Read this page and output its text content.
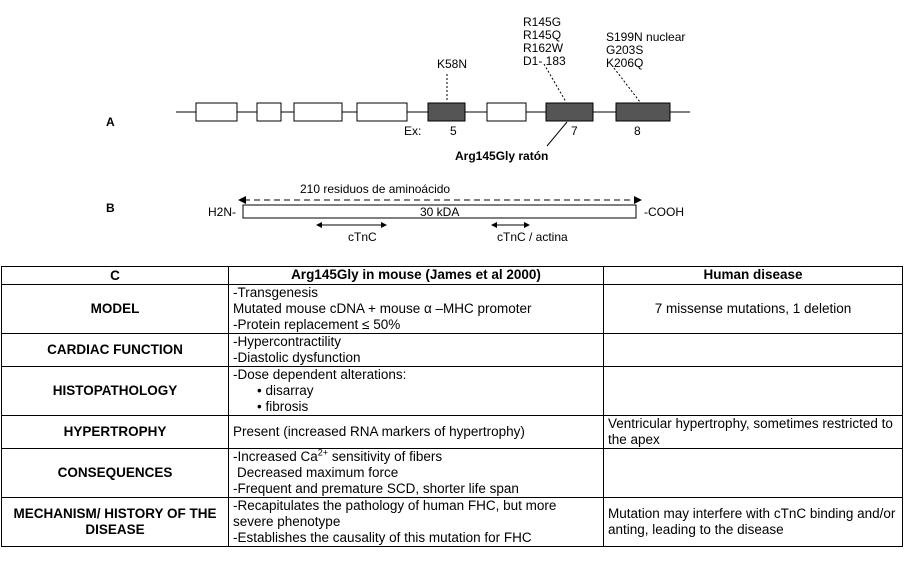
A
K58N
R145G
R145Q
R162W
D1- 183
S199N nuclear
G203S
K206Q
Ex: 5	7	8
Arg145Gly ratón
B
210 residuos de aminoácido
H2N-	30 kDA	-COOH
cTnC	cTnC / actina
C	Arg145Gly in mouse (James et al 2000)	Human disease
MODEL	-Transgenesis
Mutated mouse cDNA + mouse α –MHC promoter
-Protein replacement ≤ 50%	7 missense mutations, 1 deletion
CARDIAC FUNCTION	-Hypercontractility
-Diastolic dysfunction	

HISTOPATHOLOGY	-Dose dependent alterations:
• disarray
• fibrosis	

HYPERTROPHY	Present (increased RNA markers of hypertrophy)	Ventricular hypertrophy, sometimes restricted to the apex
CONSEQUENCES	-Increased $Ca^{2+}$ sensitivity of fibers
Decreased maximum force
-Frequent and premature SCD, shorter life span	

MECHANISM/ HISTORY OF THE DISEASE	-Recapitulates the pathology of human FHC, but more severe phenotype
-Establishes the causality of this mutation for FHC	Mutation may interfere with cTnC binding and/or anting, leading to the disease
